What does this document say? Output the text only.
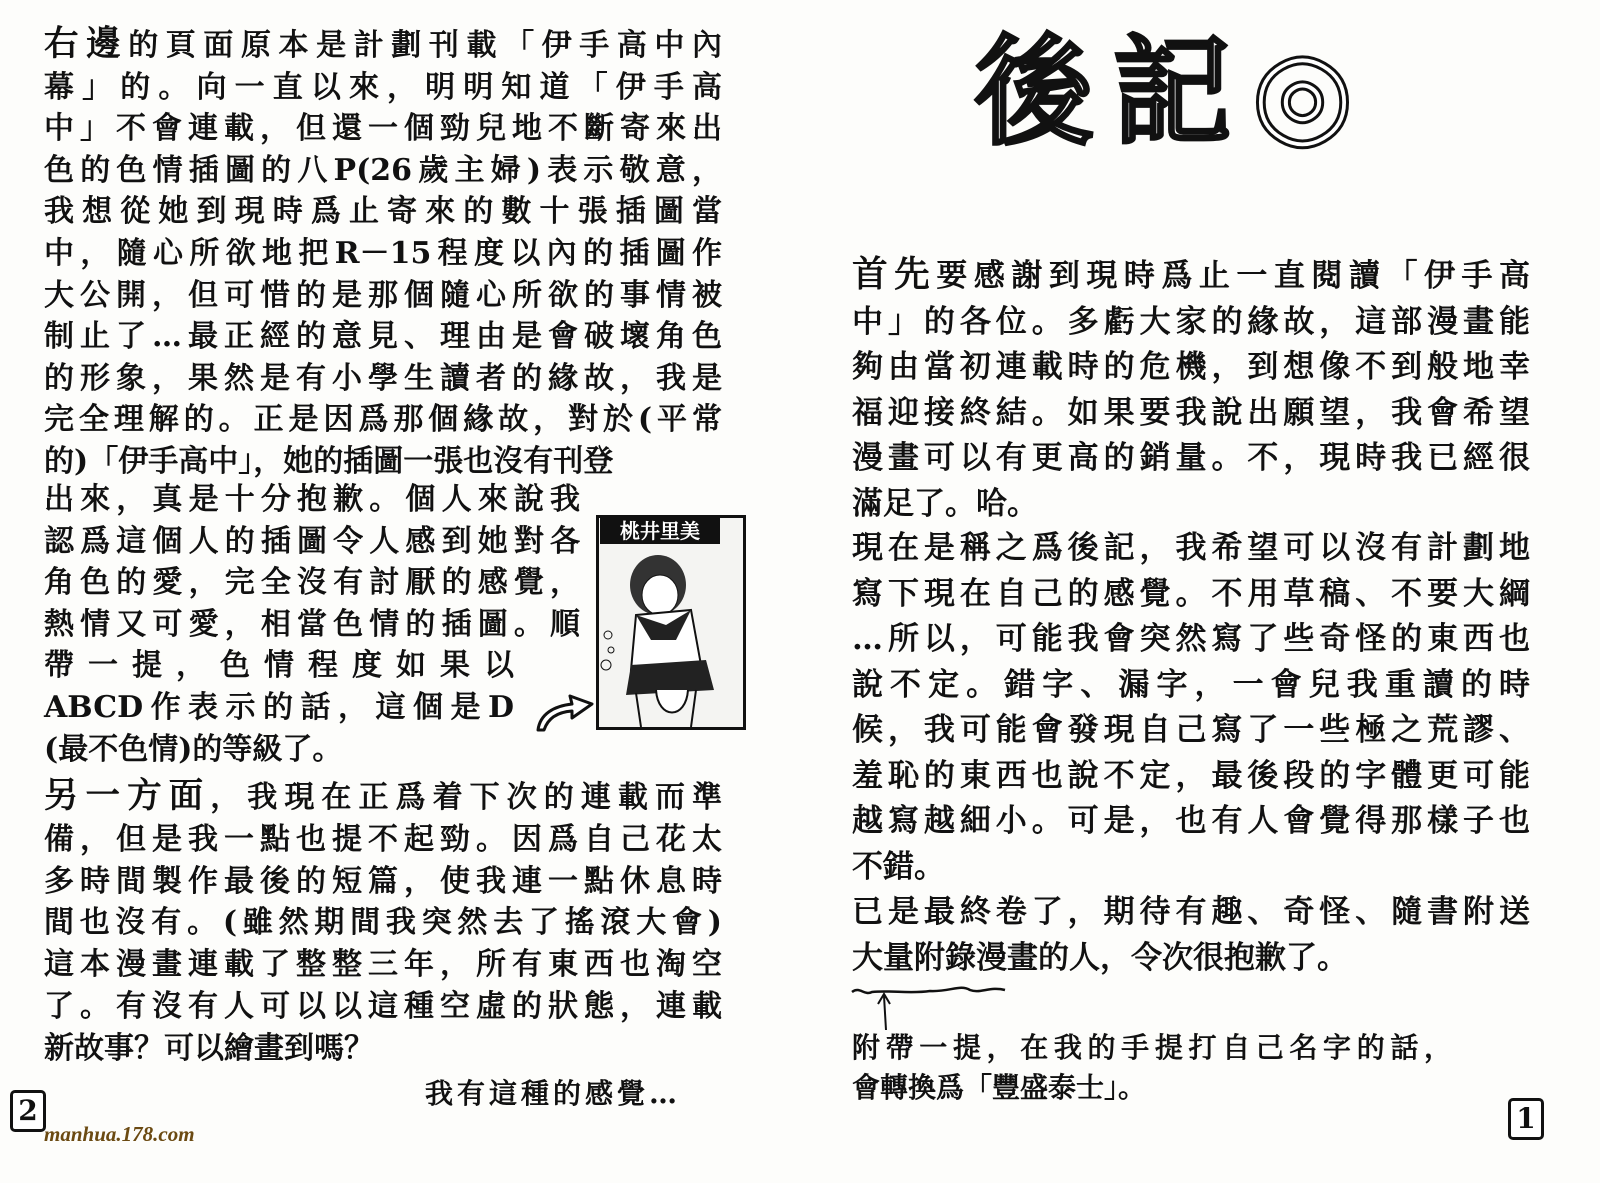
後記◎
右邊的頁面原本是計劃刊載「伊手高中內
幕」的。向一直以來，明明知道「伊手高
中」不會連載，但還一個勁兒地不斷寄來出
色的色情插圖的八P(26歲主婦)表示敬意，
我想從她到現時爲止寄來的數十張插圖當
中，隨心所欲地把R－15程度以內的插圖作
大公開，但可惜的是那個隨心所欲的事情被
制止了…最正經的意見、理由是會破壞角色
的形象，果然是有小學生讀者的緣故，我是
完全理解的。正是因爲那個緣故，對於(平常
的)「伊手高中」，她的插圖一張也沒有刊登
出來，真是十分抱歉。個人來說我
認爲這個人的插圖令人感到她對各
角色的愛，完全沒有討厭的感覺，
熱情又可愛，相當色情的插圖。順
帶一提，色情程度如果以
ABCD作表示的話，這個是D
(最不色情)的等級了。
另一方面，我現在正爲着下次的連載而準
備，但是我一點也提不起勁。因爲自己花太
多時間製作最後的短篇，使我連一點休息時
間也沒有。(雖然期間我突然去了搖滾大會)
這本漫畫連載了整整三年，所有東西也淘空
了。有沒有人可以以這種空虛的狀態，連載
新故事？可以繪畫到嗎？
我有這種的感覺…
桃井里美
2
manhua.178.com
首先要感謝到現時爲止一直閱讀「伊手高
中」的各位。多虧大家的緣故，這部漫畫能
夠由當初連載時的危機，到想像不到般地幸
福迎接終結。如果要我說出願望，我會希望
漫畫可以有更高的銷量。不，現時我已經很
滿足了。哈。
現在是稱之爲後記，我希望可以沒有計劃地
寫下現在自己的感覺。不用草稿、不要大綱
…所以，可能我會突然寫了些奇怪的東西也
說不定。錯字、漏字，一會兒我重讀的時
候，我可能會發現自己寫了一些極之荒謬、
羞恥的東西也說不定，最後段的字體更可能
越寫越細小。可是，也有人會覺得那樣子也
不錯。
已是最終卷了，期待有趣、奇怪、隨書附送
大量附錄漫畫的人，令次很抱歉了。
附帶一提，在我的手提打自己名字的話，
會轉換爲「豐盛泰士」。
1
